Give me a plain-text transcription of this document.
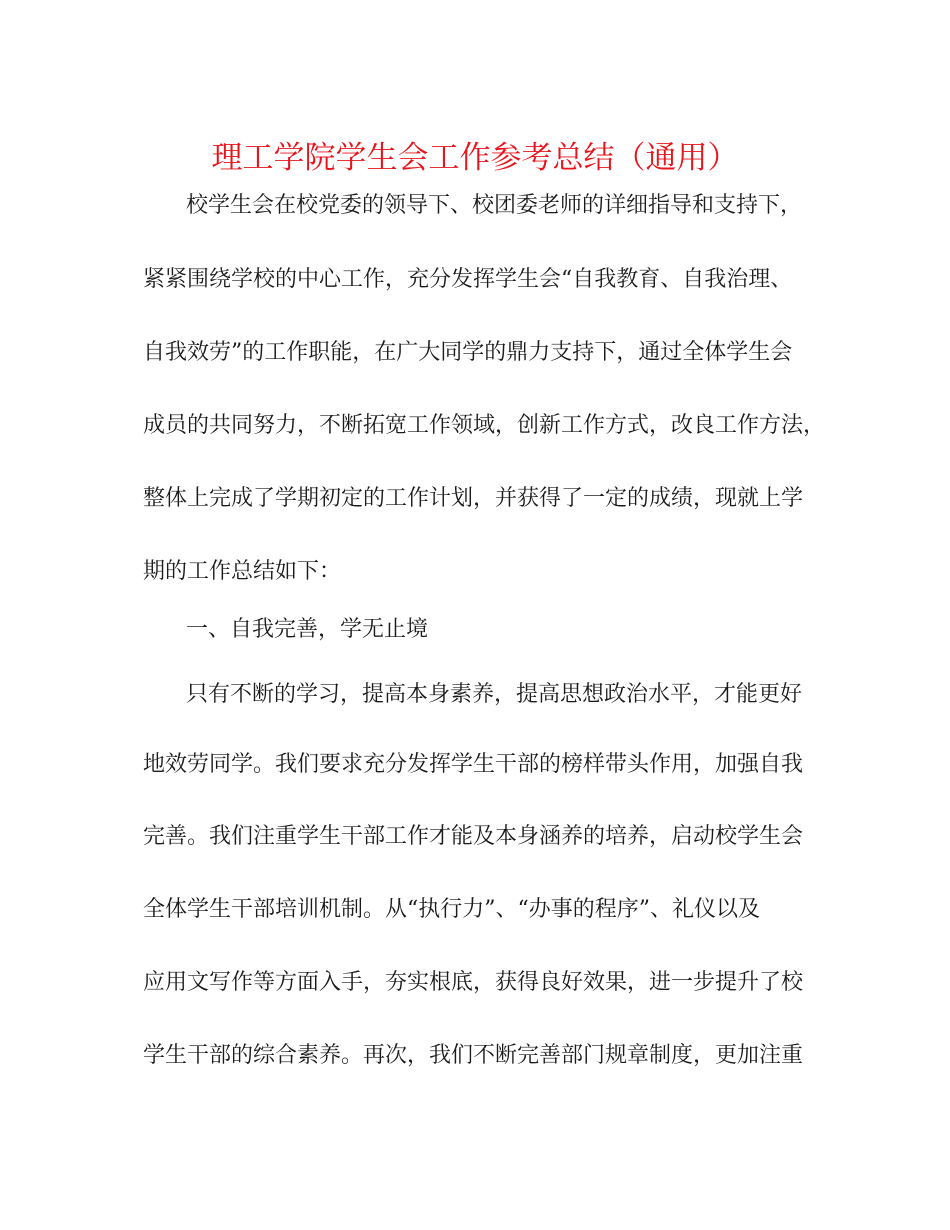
理工学院学生会工作参考总结（通用）
校学生会在校党委的领导下、校团委老师的详细指导和支持下，
紧紧围绕学校的中心工作，充分发挥学生会“自我教育、自我治理、
自我效劳”的工作职能，在广大同学的鼎力支持下，通过全体学生会
成员的共同努力，不断拓宽工作领域，创新工作方式，改良工作方法，
整体上完成了学期初定的工作计划，并获得了一定的成绩，现就上学
期的工作总结如下：
一、自我完善，学无止境
只有不断的学习，提高本身素养，提高思想政治水平，才能更好
地效劳同学。我们要求充分发挥学生干部的榜样带头作用，加强自我
完善。我们注重学生干部工作才能及本身涵养的培养，启动校学生会
全体学生干部培训机制。从“执行力”、“办事的程序”、礼仪以及
应用文写作等方面入手，夯实根底，获得良好效果，进一步提升了校
学生干部的综合素养。再次，我们不断完善部门规章制度，更加注重
